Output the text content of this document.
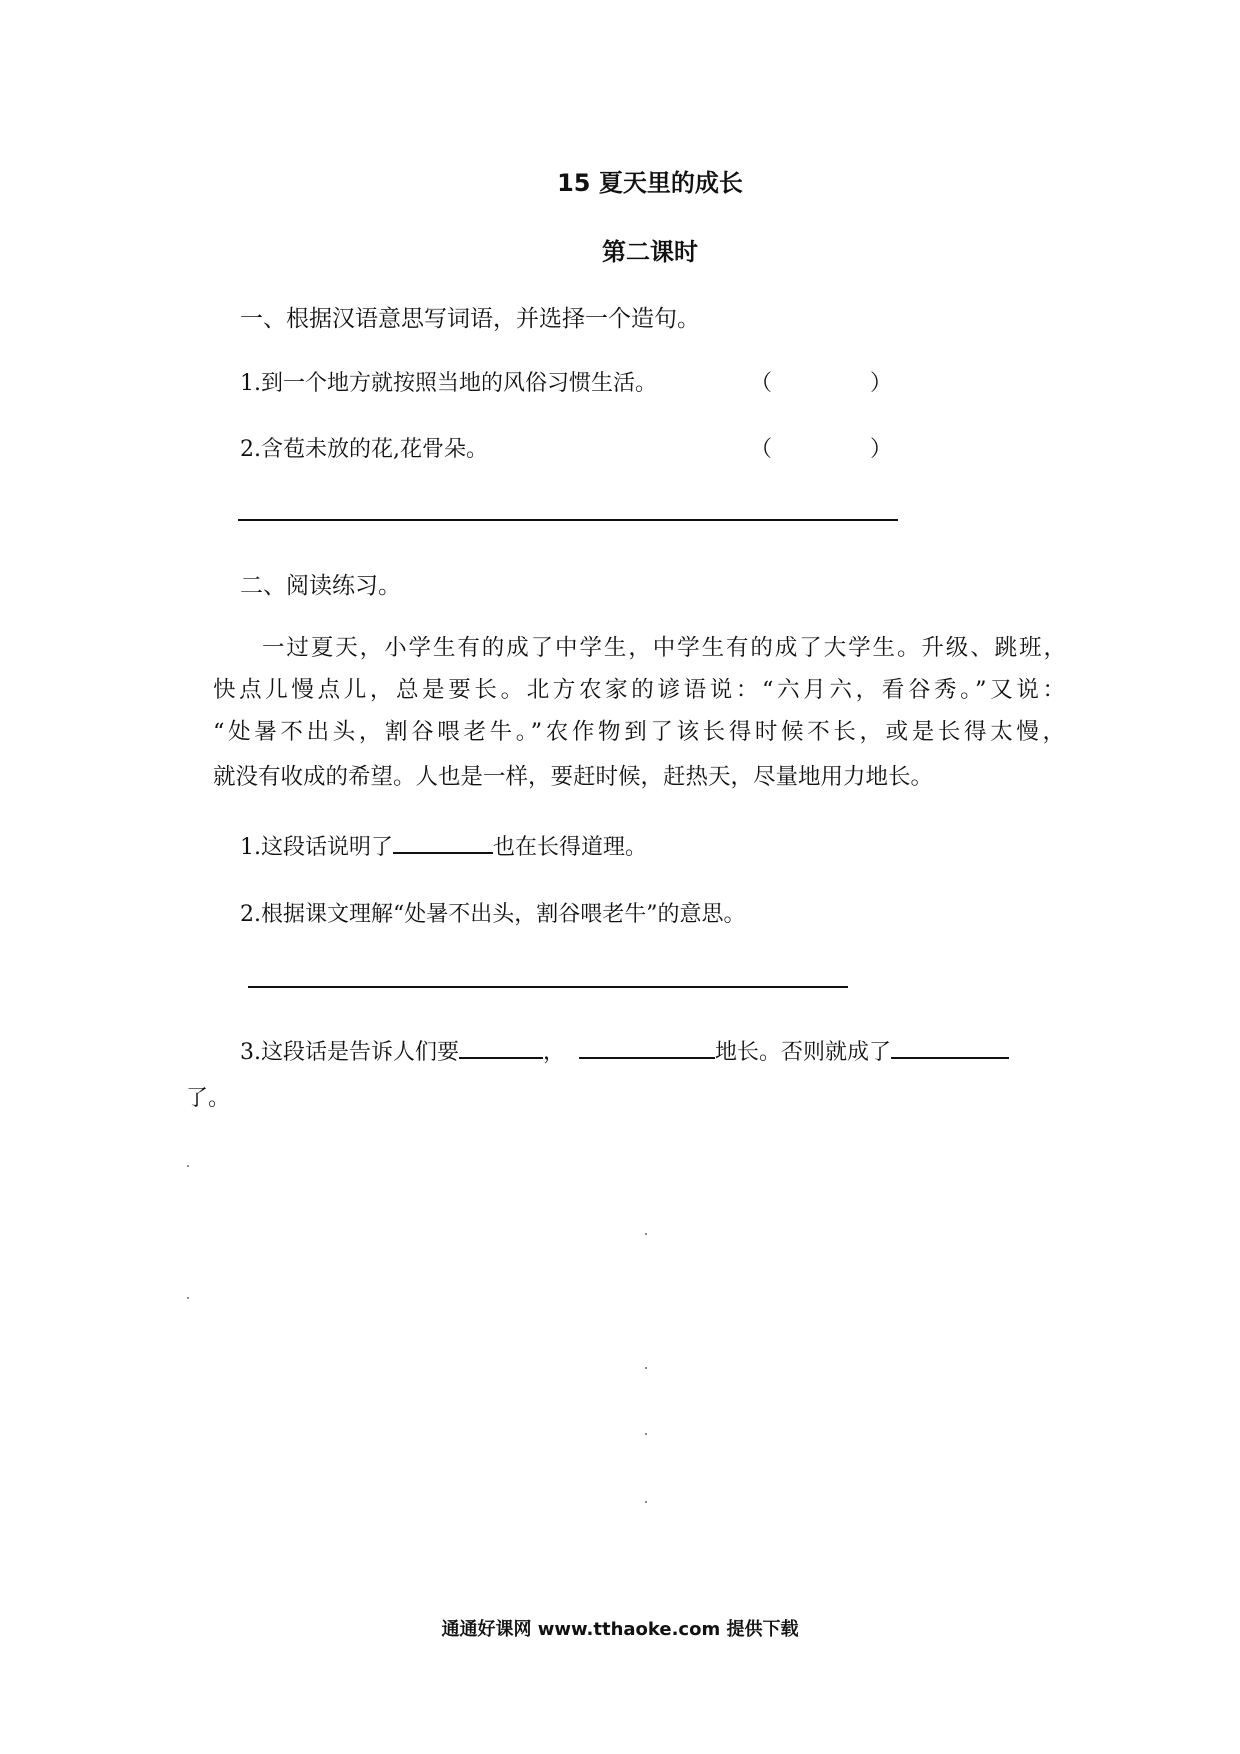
15 夏天里的成长
第二课时
一、根据汉语意思写词语，并选择一个造句。
1.到一个地方就按照当地的风俗习惯生活。	（	）
2.含苞未放的花,花骨朵。	（	）
二、阅读练习。
一过夏天，小学生有的成了中学生，中学生有的成了大学生。升级、跳班，
快点儿慢点儿，总是要长。北方农家的谚语说：“六月六，看谷秀。”又说：
“处暑不出头，割谷喂老牛。”农作物到了该长得时候不长，或是长得太慢，
就没有收成的希望。人也是一样，要赶时候，赶热天，尽量地用力地长。
1.这段话说明了	也在长得道理。
2.根据课文理解“处暑不出头，割谷喂老牛”的意思。
3.这段话是告诉人们要	，	地长。否则就成了
了。
通通好课网 www.tthaoke.com 提供下载
